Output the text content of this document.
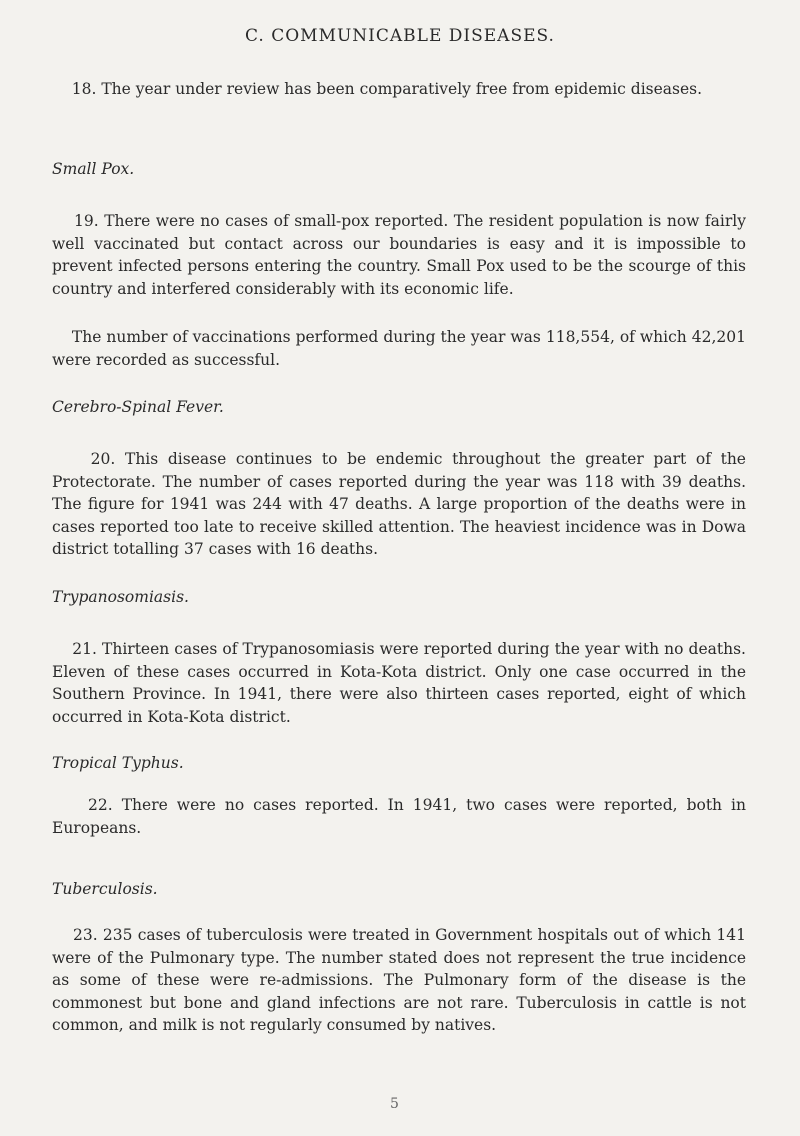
C. COMMUNICABLE DISEASES.

18. The year under review has been comparatively free from epidemic diseases.

Small Pox.

19. There were no cases of small-pox reported. The resident population is now fairly well vaccinated but contact across our boundaries is easy and it is impossible to prevent infected persons entering the country. Small Pox used to be the scourge of this country and interfered considerably with its economic life.

The number of vaccinations performed during the year was 118,554, of which 42,201 were recorded as successful.

Cerebro-Spinal Fever.

20. This disease continues to be endemic throughout the greater part of the Protectorate. The number of cases reported during the year was 118 with 39 deaths. The figure for 1941 was 244 with 47 deaths. A large proportion of the deaths were in cases reported too late to receive skilled attention. The heaviest incidence was in Dowa district totalling 37 cases with 16 deaths.

Trypanosomiasis.

21. Thirteen cases of Trypanosomiasis were reported during the year with no deaths. Eleven of these cases occurred in Kota-Kota district. Only one case occurred in the Southern Province. In 1941, there were also thirteen cases reported, eight of which occurred in Kota-Kota district.

Tropical Typhus.

22. There were no cases reported. In 1941, two cases were reported, both in Europeans.

Tuberculosis.

23. 235 cases of tuberculosis were treated in Government hospitals out of which 141 were of the Pulmonary type. The number stated does not represent the true incidence as some of these were re-admissions. The Pulmonary form of the disease is the commonest but bone and gland infections are not rare. Tuberculosis in cattle is not common, and milk is not regularly consumed by natives.

5
